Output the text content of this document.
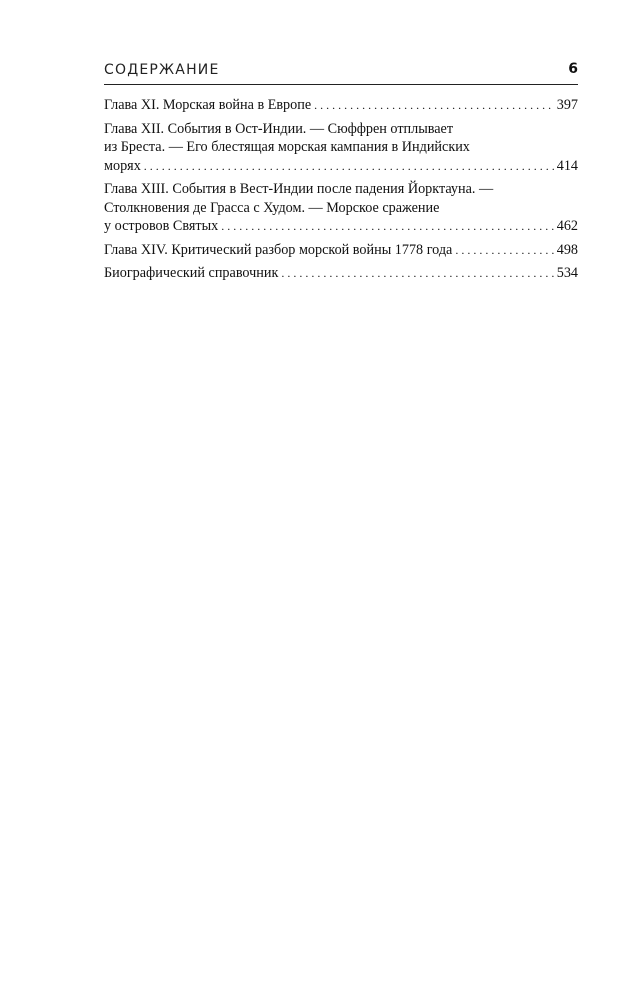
СОДЕРЖАНИЕ	6
Глава XI. Морская война в Европе . . .	397
Глава XII. События в Ост-Индии. — Сюффрен отплывает
из Бреста. — Его блестящая морская кампания в Индийских
морях . . .	414
Глава XIII. События в Вест-Индии после падения Йорктауна. —
Столкновения де Грасса с Худом. — Морское сражение
у островов Святых . . .	462
Глава XIV. Критический разбор морской войны 1778 года . . .	498
Биографический справочник . . .	534
